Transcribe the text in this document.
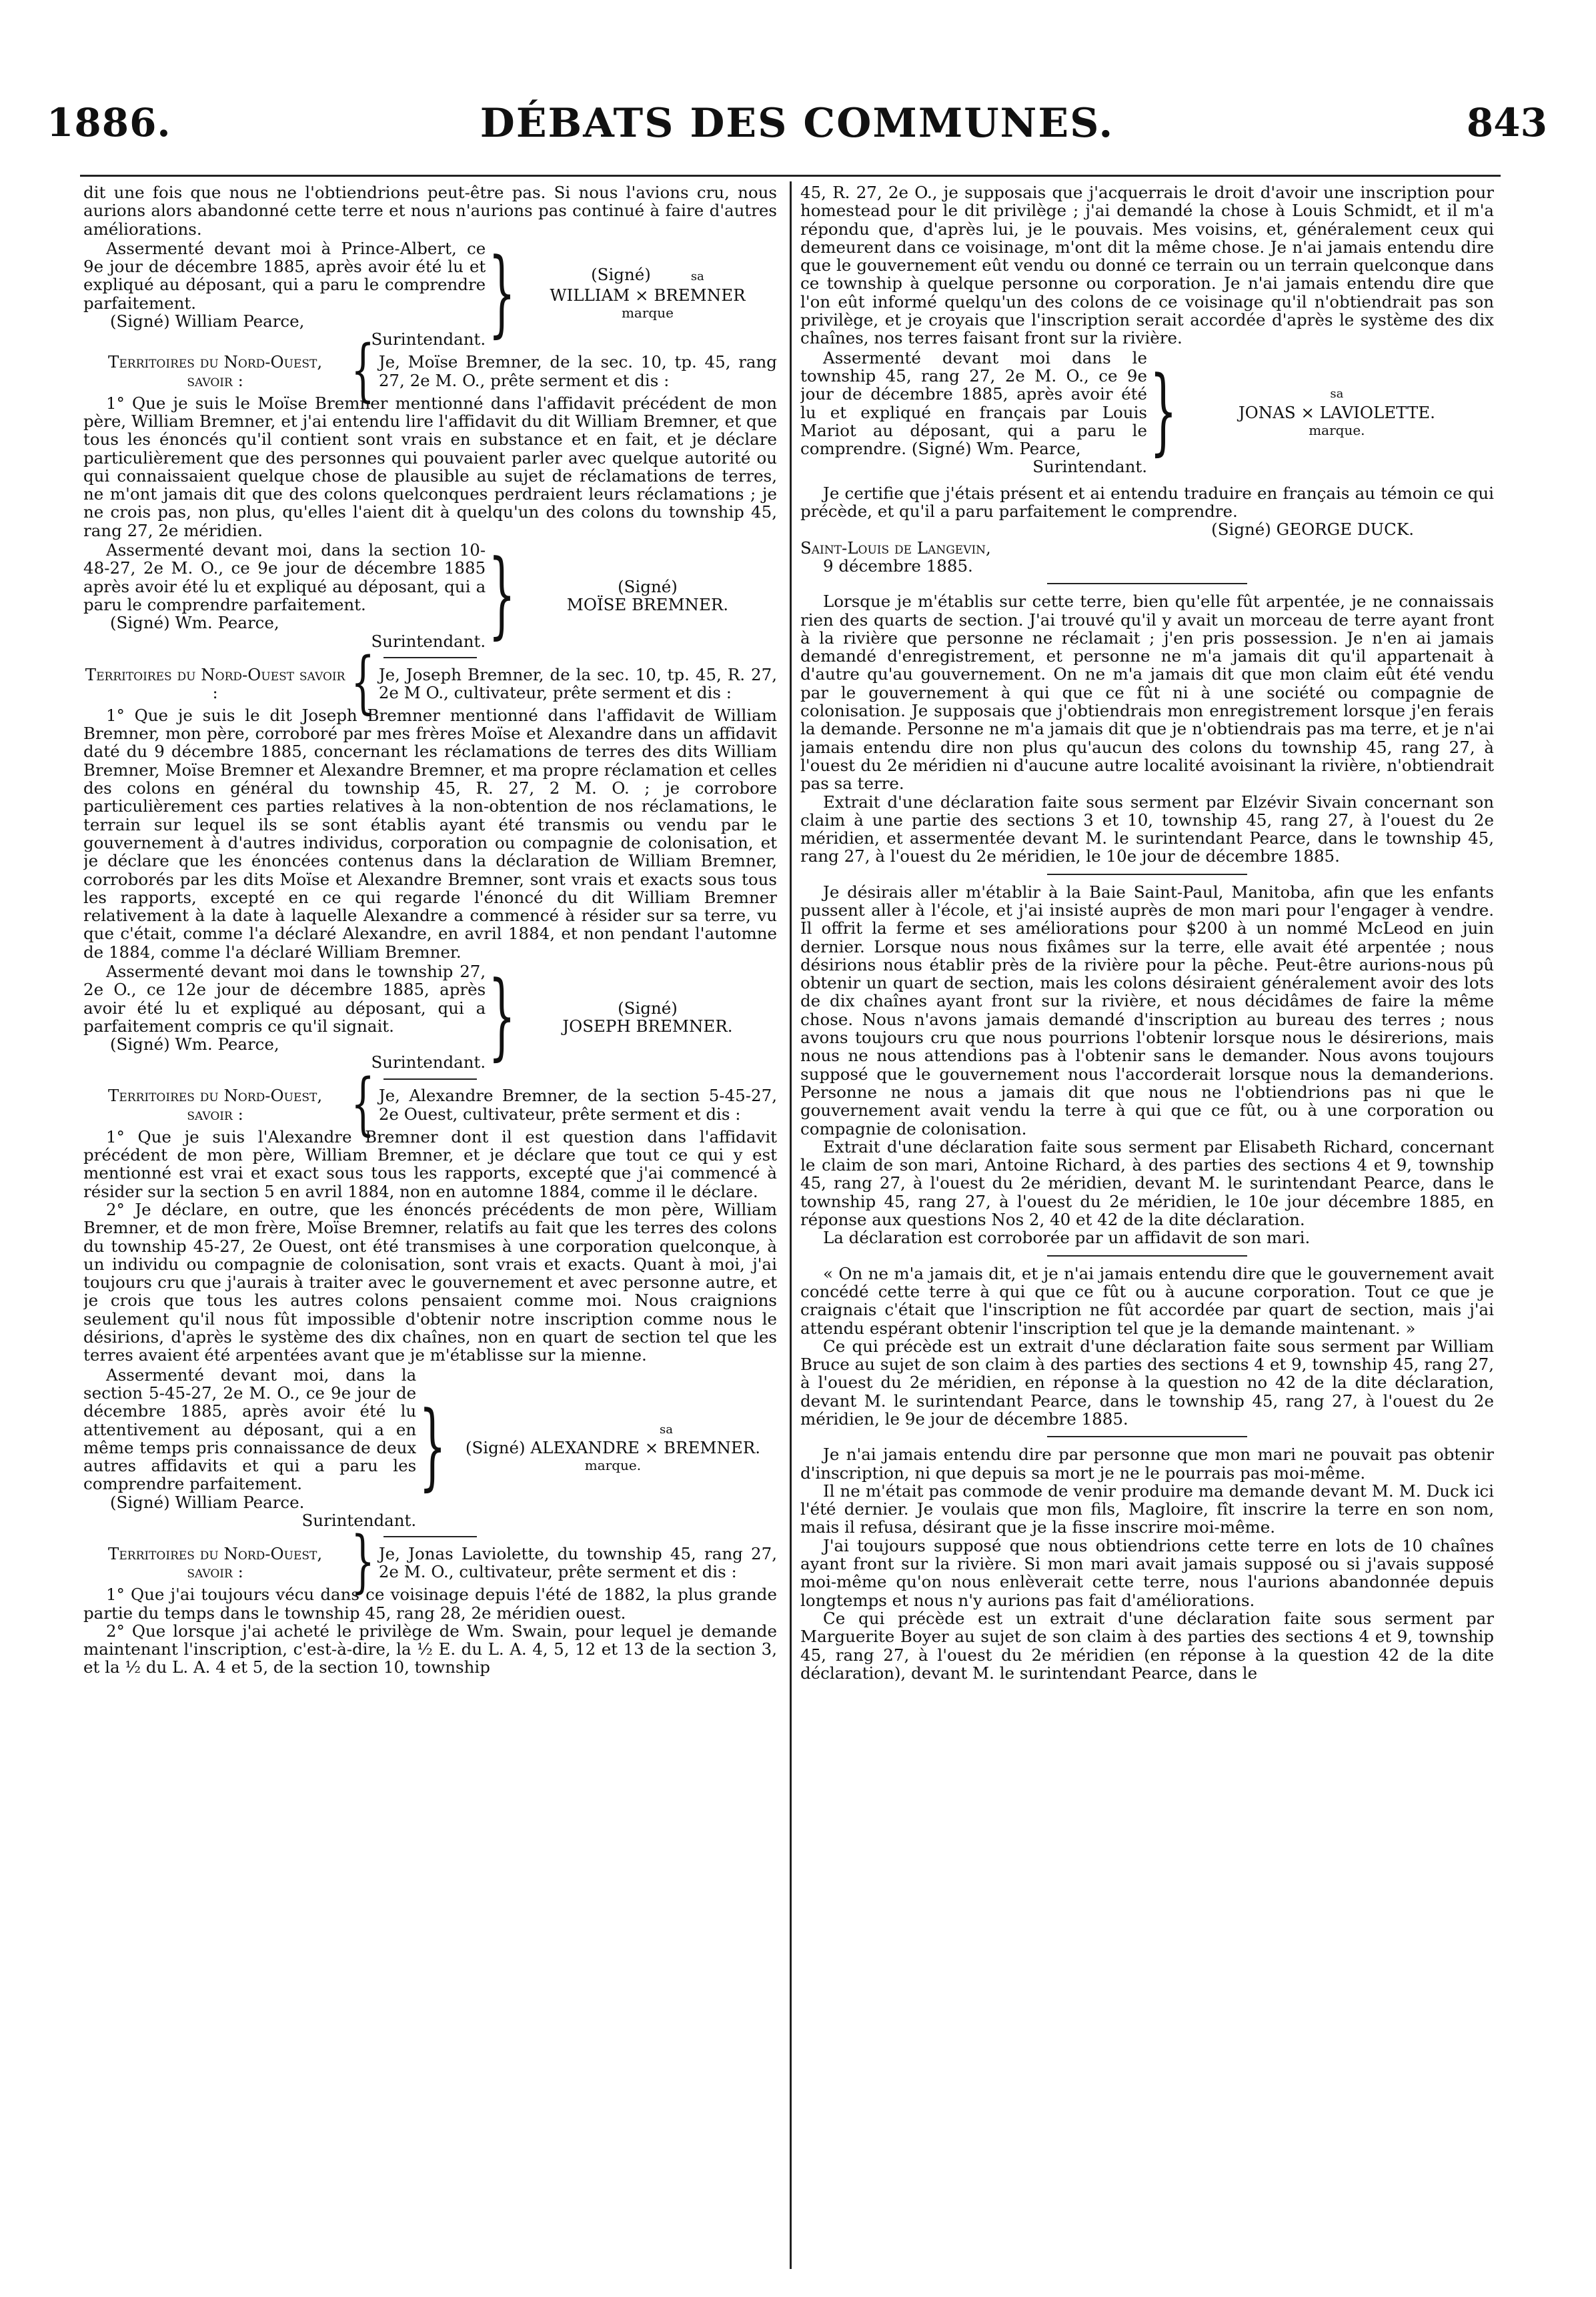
DÉBATS DES COMMUNES.
1886.	843

dit une fois que nous ne l'obtiendrions peut-être pas. Si nous l'avions cru, nous aurions alors abandonné cette terre et nous n'aurions pas continué à faire d'autres améliorations.

Assermenté devant moi à Prince-Albert, ce 9e jour de décembre 1885, après avoir été lu et expliqué au déposant, qui a paru le comprendre parfaitement.

(Signé) William Pearce,

Surintendant. }	(Signé)	sa
WILLIAM × BREMNER
marque
Territoires du Nord-Ouest, savoir :	{ Je, Moïse Bremner, de la sec. 10, tp. 45, rang 27, 2e M. O., prête serment et dis :

1° Que je suis le Moïse Bremner mentionné dans l'affidavit précédent de mon père, William Bremner, et j'ai entendu lire l'affidavit du dit William Bremner, et que tous les énoncés qu'il contient sont vrais en substance et en fait, et je déclare particulièrement que des personnes qui pouvaient parler avec quelque autorité ou qui connaissaient quelque chose de plausible au sujet de réclamations de terres, ne m'ont jamais dit que des colons quelconques perdraient leurs réclamations ; je ne crois pas, non plus, qu'elles l'aient dit à quelqu'un des colons du township 45, rang 27, 2e méridien.

Assermenté devant moi, dans la section 10-48-27, 2e M. O., ce 9e jour de décembre 1885 après avoir été lu et expliqué au déposant, qui a paru le comprendre parfaitement.

(Signé) Wm. Pearce,

Surintendant. }	(Signé)
MOÏSE BREMNER.
Territoires du Nord-Ouest savoir :	{ Je, Joseph Bremner, de la sec. 10, tp. 45, R. 27, 2e M O., cultivateur, prête serment et dis :

1° Que je suis le dit Joseph Bremner mentionné dans l'affidavit de William Bremner, mon père, corroboré par mes frères Moïse et Alexandre dans un affidavit daté du 9 décembre 1885, concernant les réclamations de terres des dits William Bremner, Moïse Bremner et Alexandre Bremner, et ma propre réclamation et celles des colons en général du township 45, R. 27, 2 M. O. ; je corrobore particulièrement ces parties relatives à la non-obtention de nos réclamations, le terrain sur lequel ils se sont établis ayant été transmis ou vendu par le gouvernement à d'autres individus, corporation ou compagnie de colonisation, et je déclare que les énoncées contenus dans la déclaration de William Bremner, corroborés par les dits Moïse et Alexandre Bremner, sont vrais et exacts sous tous les rapports, excepté en ce qui regarde l'énoncé du dit William Bremner relativement à la date à laquelle Alexandre a commencé à résider sur sa terre, vu que c'était, comme l'a déclaré Alexandre, en avril 1884, et non pendant l'automne de 1884, comme l'a déclaré William Bremner.

Assermenté devant moi dans le township 27, 2e O., ce 12e jour de décembre 1885, après avoir été lu et expliqué au déposant, qui a parfaitement compris ce qu'il signait.

(Signé) Wm. Pearce,

Surintendant. }	(Signé)
JOSEPH BREMNER.
Territoires du Nord-Ouest, savoir :	{ Je, Alexandre Bremner, de la section 5-45-27, 2e Ouest, cultivateur, prête serment et dis :

1° Que je suis l'Alexandre Bremner dont il est question dans l'affidavit précédent de mon père, William Bremner, et je déclare que tout ce qui y est mentionné est vrai et exact sous tous les rapports, excepté que j'ai commencé à résider sur la section 5 en avril 1884, non en automne 1884, comme il le déclare.

2° Je déclare, en outre, que les énoncés précédents de mon père, William Bremner, et de mon frère, Moïse Bremner, relatifs au fait que les terres des colons du township 45-27, 2e Ouest, ont été transmises à une corporation quelconque, à un individu ou compagnie de colonisation, sont vrais et exacts. Quant à moi, j'ai toujours cru que j'aurais à traiter avec le gouvernement et avec personne autre, et je crois que tous les autres colons pensaient comme moi. Nous craignions seulement qu'il nous fût impossible d'obtenir notre inscription comme nous le désirions, d'après le système des dix chaînes, non en quart de section tel que les terres avaient été arpentées avant que je m'établisse sur la mienne.

Assermenté devant moi, dans la section 5-45-27, 2e M. O., ce 9e jour de décembre 1885, après avoir été lu attentivement au déposant, qui a en même temps pris connaissance de deux autres affidavits et qui a paru les comprendre parfaitement.

(Signé) William Pearce.

Surintendant.

}	sa
(Signé) ALEXANDRE × BREMNER.
marque.
Territoires du Nord-Ouest, savoir :	} Je, Jonas Laviolette, du township 45, rang 27, 2e M. O., cultivateur, prête serment et dis :

1° Que j'ai toujours vécu dans ce voisinage depuis l'été de 1882, la plus grande partie du temps dans le township 45, rang 28, 2e méridien ouest.

2° Que lorsque j'ai acheté le privilège de Wm. Swain, pour lequel je demande maintenant l'inscription, c'est-à-dire, la ½ E. du L. A. 4, 5, 12 et 13 de la section 3, et la ½ du L. A. 4 et 5, de la section 10, township

45, R. 27, 2e O., je supposais que j'acquerrais le droit d'avoir une inscription pour homestead pour le dit privilège ; j'ai demandé la chose à Louis Schmidt, et il m'a répondu que, d'après lui, je le pouvais. Mes voisins, et, généralement ceux qui demeurent dans ce voisinage, m'ont dit la même chose. Je n'ai jamais entendu dire que le gouvernement eût vendu ou donné ce terrain ou un terrain quelconque dans ce township à quelque personne ou corporation. Je n'ai jamais entendu dire que l'on eût informé quelqu'un des colons de ce voisinage qu'il n'obtiendrait pas son privilège, et je croyais que l'inscription serait accordée d'après le système des dix chaînes, nos terres faisant front sur la rivière.

Assermenté devant moi dans le township 45, rang 27, 2e M. O., ce 9e jour de décembre 1885, après avoir été lu et expliqué en français par Louis Mariot au déposant, qui a paru le comprendre. (Signé) Wm. Pearce,

Surintendant.

}	sa
JONAS × LAVIOLETTE.
marque.

Je certifie que j'étais présent et ai entendu traduire en français au témoin ce qui précède, et qu'il a paru parfaitement le comprendre.

(Signé) GEORGE DUCK.

Saint-Louis de Langevin,

9 décembre 1885.

Lorsque je m'établis sur cette terre, bien qu'elle fût arpentée, je ne connaissais rien des quarts de section. J'ai trouvé qu'il y avait un morceau de terre ayant front à la rivière que personne ne réclamait ; j'en pris possession. Je n'en ai jamais demandé d'enregistrement, et personne ne m'a jamais dit qu'il appartenait à d'autre qu'au gouvernement. On ne m'a jamais dit que mon claim eût été vendu par le gouvernement à qui que ce fût ni à une société ou compagnie de colonisation. Je supposais que j'obtiendrais mon enregistrement lorsque j'en ferais la demande. Personne ne m'a jamais dit que je n'obtiendrais pas ma terre, et je n'ai jamais entendu dire non plus qu'aucun des colons du township 45, rang 27, à l'ouest du 2e méridien ni d'aucune autre localité avoisinant la rivière, n'obtiendrait pas sa terre.

Extrait d'une déclaration faite sous serment par Elzévir Sivain concernant son claim à une partie des sections 3 et 10, township 45, rang 27, à l'ouest du 2e méridien, et assermentée devant M. le surintendant Pearce, dans le township 45, rang 27, à l'ouest du 2e méridien, le 10e jour de décembre 1885.

Je désirais aller m'établir à la Baie Saint-Paul, Manitoba, afin que les enfants pussent aller à l'école, et j'ai insisté auprès de mon mari pour l'engager à vendre. Il offrit la ferme et ses améliorations pour $200 à un nommé McLeod en juin dernier. Lorsque nous nous fixâmes sur la terre, elle avait été arpentée ; nous désirions nous établir près de la rivière pour la pêche. Peut-être aurions-nous pû obtenir un quart de section, mais les colons désiraient généralement avoir des lots de dix chaînes ayant front sur la rivière, et nous décidâmes de faire la même chose. Nous n'avons jamais demandé d'inscription au bureau des terres ; nous avons toujours cru que nous pourrions l'obtenir lorsque nous le désirerions, mais nous ne nous attendions pas à l'obtenir sans le demander. Nous avons toujours supposé que le gouvernement nous l'accorderait lorsque nous la demanderions. Personne ne nous a jamais dit que nous ne l'obtiendrions pas ni que le gouvernement avait vendu la terre à qui que ce fût, ou à une corporation ou compagnie de colonisation.

Extrait d'une déclaration faite sous serment par Elisabeth Richard, concernant le claim de son mari, Antoine Richard, à des parties des sections 4 et 9, township 45, rang 27, à l'ouest du 2e méridien, devant M. le surintendant Pearce, dans le township 45, rang 27, à l'ouest du 2e méridien, le 10e jour décembre 1885, en réponse aux questions Nos 2, 40 et 42 de la dite déclaration.

La déclaration est corroborée par un affidavit de son mari.

« On ne m'a jamais dit, et je n'ai jamais entendu dire que le gouvernement avait concédé cette terre à qui que ce fût ou à aucune corporation. Tout ce que je craignais c'était que l'inscription ne fût accordée par quart de section, mais j'ai attendu espérant obtenir l'inscription tel que je la demande maintenant. »

Ce qui précède est un extrait d'une déclaration faite sous serment par William Bruce au sujet de son claim à des parties des sections 4 et 9, township 45, rang 27, à l'ouest du 2e méridien, en réponse à la question no 42 de la dite déclaration, devant M. le surintendant Pearce, dans le township 45, rang 27, à l'ouest du 2e méridien, le 9e jour de décembre 1885.

Je n'ai jamais entendu dire par personne que mon mari ne pouvait pas obtenir d'inscription, ni que depuis sa mort je ne le pourrais pas moi-même.

Il ne m'était pas commode de venir produire ma demande devant M. M. Duck ici l'été dernier. Je voulais que mon fils, Magloire, fît inscrire la terre en son nom, mais il refusa, désirant que je la fisse inscrire moi-même.

J'ai toujours supposé que nous obtiendrions cette terre en lots de 10 chaînes ayant front sur la rivière. Si mon mari avait jamais supposé ou si j'avais supposé moi-même qu'on nous enlèverait cette terre, nous l'aurions abandonnée depuis longtemps et nous n'y aurions pas fait d'améliorations.

Ce qui précède est un extrait d'une déclaration faite sous serment par Marguerite Boyer au sujet de son claim à des parties des sections 4 et 9, township 45, rang 27, à l'ouest du 2e méridien (en réponse à la question 42 de la dite déclaration), devant M. le surintendant Pearce, dans le
